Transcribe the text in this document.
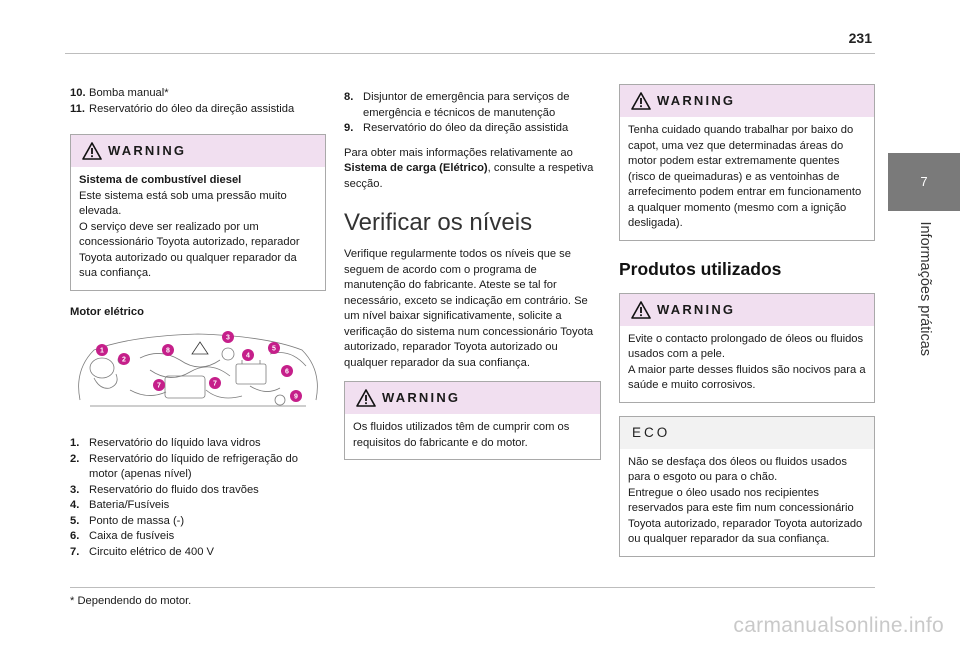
231
7
Informações práticas
10. Bomba manual*
11. Reservatório do óleo da direção assistida
WARNING
Sistema de combustível diesel
Este sistema está sob uma pressão muito elevada.
O serviço deve ser realizado por um concessionário Toyota autorizado, reparador Toyota autorizado ou qualquer reparador da sua confiança.
Motor elétrico
1
2
3
4
5
6
7	7
8
9
1. Reservatório do líquido lava vidros
2. Reservatório do líquido de refrigeração do motor (apenas nível)
3. Reservatório do fluido dos travões
4. Bateria/Fusíveis
5. Ponto de massa (-)
6. Caixa de fusíveis
7. Circuito elétrico de 400 V
8. Disjuntor de emergência para serviços de emergência e técnicos de manutenção
9. Reservatório do óleo da direção assistida

Para obter mais informações relativamente ao Sistema de carga (Elétrico), consulte a respetiva secção.

Verificar os níveis

Verifique regularmente todos os níveis que se seguem de acordo com o programa de manutenção do fabricante. Ateste se tal for necessário, exceto se indicação em contrário. Se um nível baixar significativamente, solicite a verificação do sistema num concessionário Toyota autorizado, reparador Toyota autorizado ou qualquer reparador da sua confiança.

WARNING
Os fluidos utilizados têm de cumprir com os requisitos do fabricante e do motor.
WARNING
Tenha cuidado quando trabalhar por baixo do capot, uma vez que determinadas áreas do motor podem estar extremamente quentes (risco de queimaduras) e as ventoinhas de arrefecimento podem entrar em funcionamento a qualquer momento (mesmo com a ignição desligada).
Produtos utilizados
WARNING
Evite o contacto prolongado de óleos ou fluidos usados com a pele.
A maior parte desses fluidos são nocivos para a saúde e muito corrosivos.
ECO
Não se desfaça dos óleos ou fluidos usados para o esgoto ou para o chão.
Entregue o óleo usado nos recipientes reservados para este fim num concessionário Toyota autorizado, reparador Toyota autorizado ou qualquer reparador da sua confiança.
* Dependendo do motor.
carmanualsonline.info
